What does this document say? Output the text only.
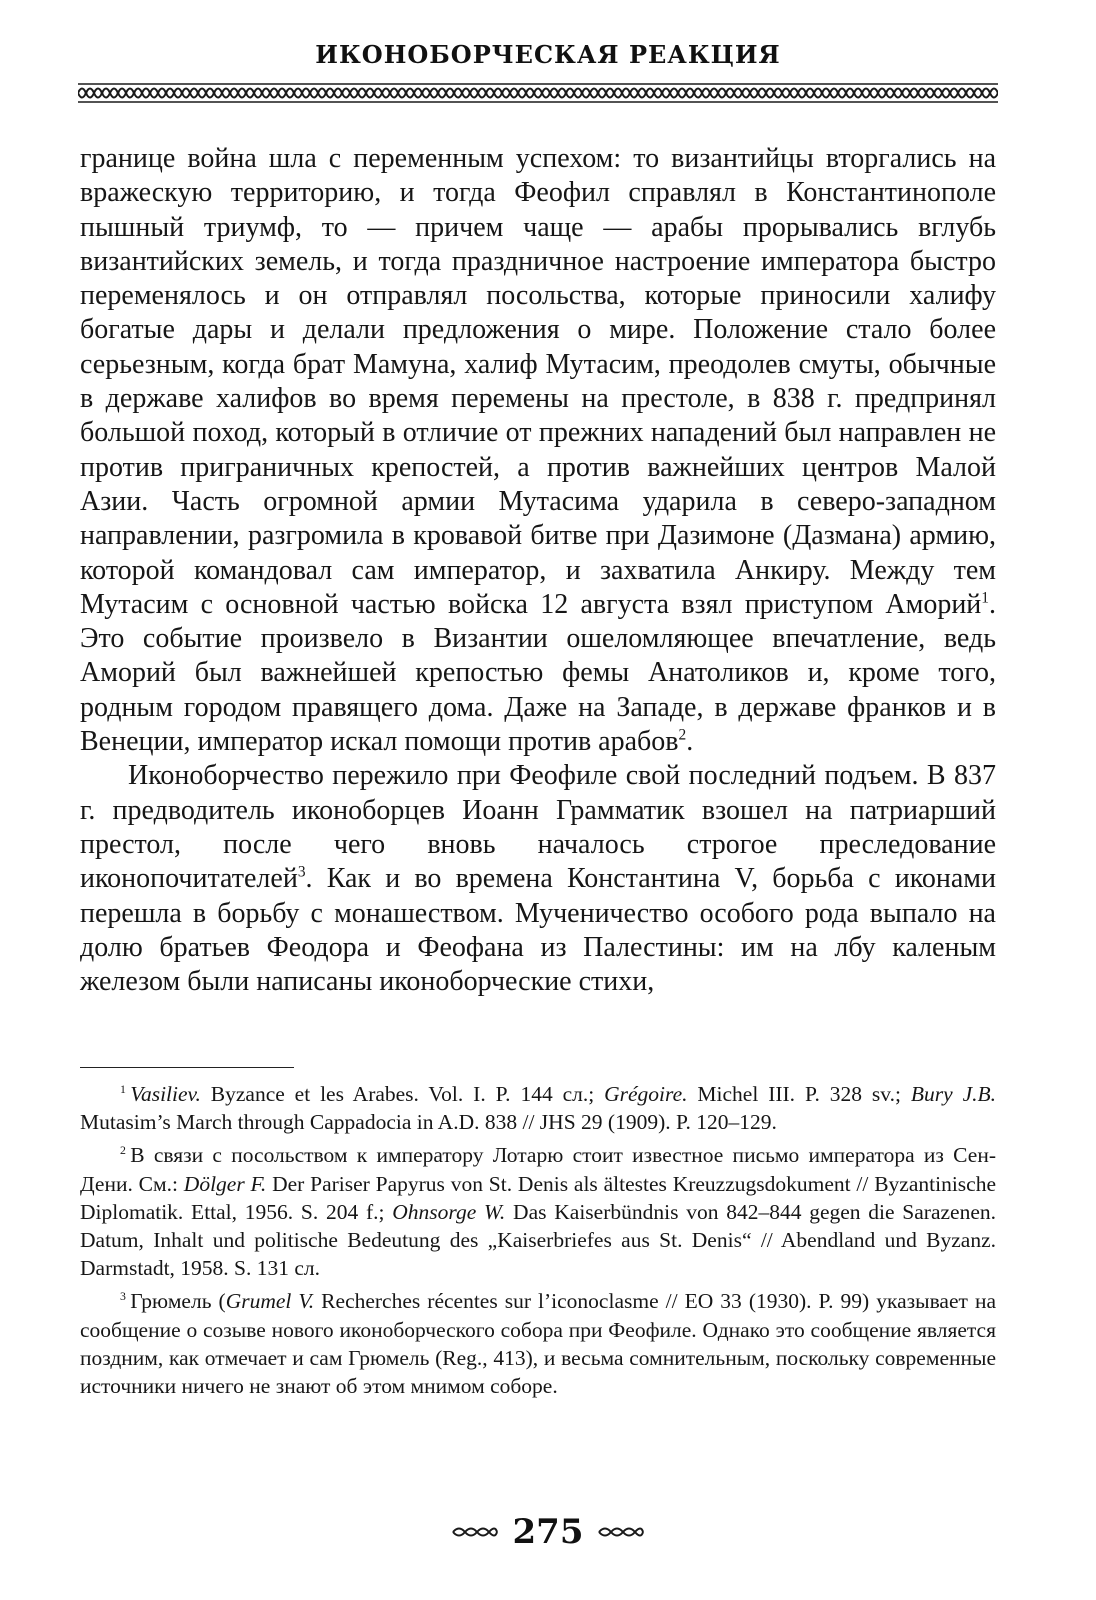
ИКОНОБОРЧЕСКАЯ РЕАКЦИЯ

границе война шла с переменным успехом: то византийцы вторгались на вражескую территорию, и тогда Феофил справлял в Константинополе пышный триумф, то — причем чаще — арабы прорывались вглубь византийских земель, и тогда праздничное настроение императора быстро переменялось и он отправлял посольства, которые приносили халифу богатые дары и делали предложения о мире. Положение стало более серьезным, когда брат Мамуна, халиф Мутасим, преодолев смуты, обычные в державе халифов во время перемены на престоле, в 838 г. предпринял большой поход, который в отличие от прежних нападений был направлен не против приграничных крепостей, а против важнейших центров Малой Азии. Часть огромной армии Мутасима ударила в северо-западном направлении, разгромила в кровавой битве при Дазимоне (Дазмана) армию, которой командовал сам император, и захватила Анкиру. Между тем Мутасим с основной частью войска 12 августа взял приступом Аморий$^1$. Это событие произвело в Византии ошеломляющее впечатление, ведь Аморий был важнейшей крепостью фемы Анатоликов и, кроме того, родным городом правящего дома. Даже на Западе, в державе франков и в Венеции, император искал помощи против арабов$^2$.

Иконоборчество пережило при Феофиле свой последний подъем. В 837 г. предводитель иконоборцев Иоанн Грамматик взошел на патриарший престол, после чего вновь началось строгое преследование иконопочитателей$^3$. Как и во времена Константина V, борьба с иконами перешла в борьбу с монашеством. Мученичество особого рода выпало на долю братьев Феодора и Феофана из Палестины: им на лбу каленым железом были написаны иконоборческие стихи,

$^1$  Vasiliev. Byzance et les Arabes. Vol. I. P. 144 сл.; Grégoire. Michel III. P. 328 sv.; Bury J.B. Mutasim’s March through Cappadocia in A.D. 838 // JHS 29 (1909). P. 120–129.

$^2$  В связи с посольством к императору Лотарю стоит известное письмо императора из Сен-Дени. См.: Dölger F. Der Pariser Papyrus von St. Denis als ältestes Kreuzzugsdokument // Byzantinische Diplomatik. Ettal, 1956. S. 204 f.; Ohnsorge W. Das Kaiserbündnis von 842–844 gegen die Sarazenen. Datum, Inhalt und politische Bedeutung des „Kaiserbriefes aus St. Denis“ // Abendland und Byzanz. Darmstadt, 1958. S. 131 сл.

$^3$  Грюмель (Grumel V. Recherches récentes sur l’iconoclasme // EO 33 (1930). P. 99) указывает на сообщение о созыве нового иконоборческого собора при Феофиле. Однако это сообщение является поздним, как отмечает и сам Грюмель (Reg., 413), и весьма сомнительным, поскольку современные источники ничего не знают об этом мнимом соборе.

275
